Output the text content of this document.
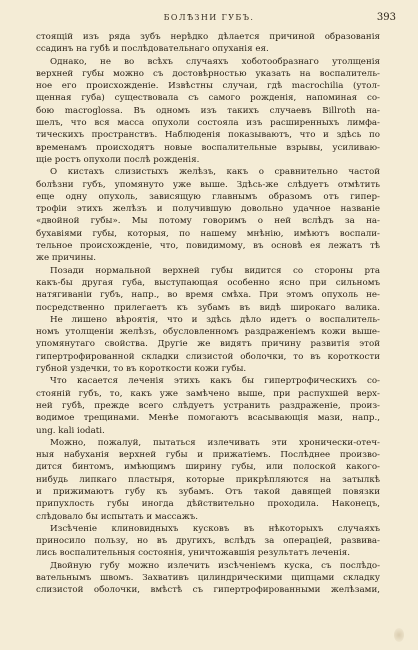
БОЛѢЗНИ ГУБЪ.	393
стоящій изъ ряда зубъ нерѣдко дѣлается причиной образованія
ссадинъ на губѣ и послѣдовательнаго опуханія ея.
Однако, не во всѣхъ случаяхъ хоботообразнаго утолщенія
верхней губы можно съ достовѣрностью указать на воспалитель-
ное его происхожденіе. Извѣстны случаи, гдѣ macrochilia (утол-
щенная губа) существовала съ самого рожденія, напоминая со-
бою macroglossa. Въ одномъ изъ такихъ случаевъ Billroth на-
шелъ, что вся масса опухоли состояла изъ расширенныхъ лимфа-
тическихъ пространствъ. Наблюденія показываютъ, что и здѣсь по
временамъ происходятъ новые воспалительные взрывы, усиливаю-
щіе ростъ опухоли послѣ рожденія.
О кистахъ слизистыхъ желѣзъ, какъ о сравнительно частой
болѣзни губъ, упомянуто уже выше. Здѣсь-же слѣдуетъ отмѣтить
еще одну опухоль, зависящую главнымъ образомъ отъ гипер-
трофіи этихъ желѣзъ и получившую довольно удачное названіе
«двойной губы». Мы потому говоримъ о ней вслѣдъ за на-
бухавіями губы, которыя, по нашему мнѣнію, имѣютъ воспали-
тельное происхожденіе, что, повидимому, въ основѣ ея лежатъ тѣ
же причины.
Позади нормальной верхней губы видится со стороны рта
какъ-бы другая губа, выступающая особенно ясно при сильномъ
натягиваніи губъ, напр., во время смѣха. При этомъ опухоль не-
посредственно прилегаетъ къ зубамъ въ видѣ широкаго валика.
Не лишено вѣроятія, что и здѣсь дѣло идетъ о воспалитель-
номъ утолщеніи желѣзъ, обусловленномъ раздраженіемъ кожи выше-
упомянутаго свойства. Другіе же видятъ причину развитія этой
гипертрофированной складки слизистой оболочки, то въ короткости
губной уздечки, то въ короткости кожи губы.
Что касается леченія этихъ какъ бы гипертрофическихъ со-
стояній губъ, то, какъ уже замѣчено выше, при распухшей верх-
ней губѣ, прежде всего слѣдуетъ устранить раздраженіе, произ-
водимое трещинами. Менѣе помогаютъ всасывающія мази, напр.,
ung. kali iodati.
Можно, пожалуй, пытаться излечивать эти хронически-отеч-
ныя набуханія верхней губы и прижатіемъ. Послѣднее произво-
дится бинтомъ, имѣющимъ ширину губы, или полоской какого-
нибудь липкаго пластыря, которые прикрѣпляются на затылкѣ
и прижимаютъ губу къ зубамъ. Отъ такой давящей повязки
припухлость губы иногда дѣйствительно проходила. Наконецъ,
слѣдовало бы испытать и массажъ.
Изсѣченіе клиновидныхъ кусковъ въ нѣкоторыхъ случаяхъ
приносило пользу, но въ другихъ, вслѣдъ за операціей, развива-
лись воспалительныя состоянія, уничтожавшія результатъ леченія.
Двойную губу можно излечить изсѣченіемъ куска, съ послѣдо-
вательнымъ швомъ. Захвативъ цилиндрическими щипцами складку
слизистой оболочки, вмѣстѣ съ гипертрофированными желѣзами,
